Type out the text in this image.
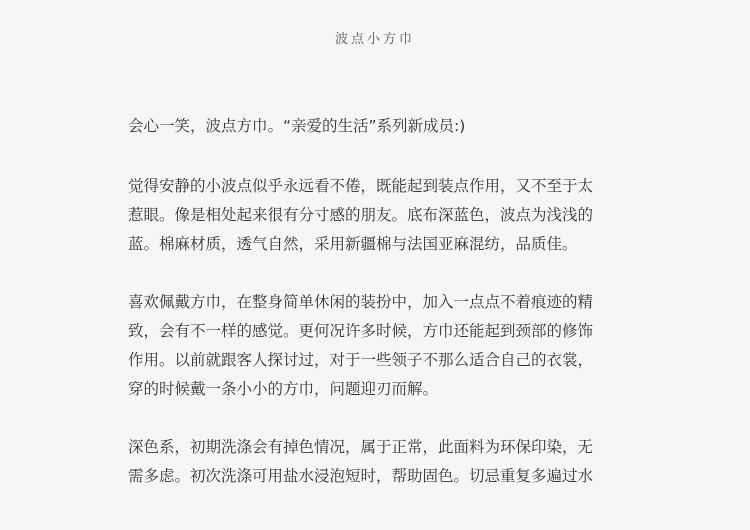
波点小方巾

会心一笑，波点方巾。“亲爱的生活”系列新成员:)

觉得安静的小波点似乎永远看不倦，既能起到装点作用，又不至于太
惹眼。像是相处起来很有分寸感的朋友。底布深蓝色，波点为浅浅的
蓝。棉麻材质，透气自然，采用新疆棉与法国亚麻混纺，品质佳。

喜欢佩戴方巾，在整身简单休闲的装扮中，加入一点点不着痕迹的精
致，会有不一样的感觉。更何况许多时候，方巾还能起到颈部的修饰
作用。以前就跟客人探讨过，对于一些领子不那么适合自己的衣裳，
穿的时候戴一条小小的方巾，问题迎刃而解。

深色系，初期洗涤会有掉色情况，属于正常，此面料为环保印染，无
需多虑。初次洗涤可用盐水浸泡短时，帮助固色。切忌重复多遍过水
